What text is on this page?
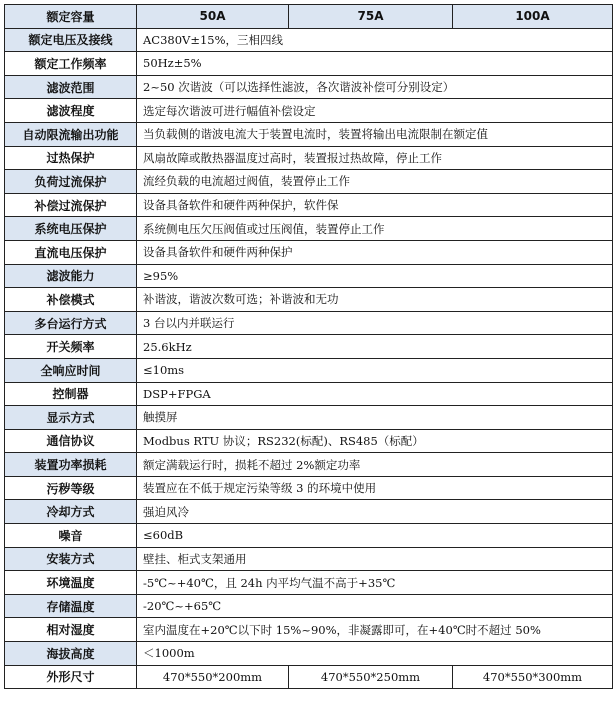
额定容量	50A	75A	100A
额定电压及接线	AC380V±15%，三相四线		
额定工作频率	50Hz±5%		
滤波范围	2~50 次谐波（可以选择性滤波，各次谐波补偿可分别设定）		
滤波程度	选定每次谐波可进行幅值补偿设定		
自动限流输出功能	当负载侧的谐波电流大于装置电流时，装置将输出电流限制在额定值		
过热保护	风扇故障或散热器温度过高时，装置报过热故障，停止工作		
负荷过流保护	流经负载的电流超过阀值，装置停止工作		
补偿过流保护	设备具备软件和硬件两种保护，软件保		
系统电压保护	系统侧电压欠压阀值或过压阀值，装置停止工作		
直流电压保护	设备具备软件和硬件两种保护		
滤波能力	≥95%		
补偿模式	补谐波，谐波次数可选；补谐波和无功		
多台运行方式	3 台以内并联运行		
开关频率	25.6kHz		
全响应时间	≤10ms		
控制器	DSP+FPGA		
显示方式	触摸屏		
通信协议	Modbus RTU 协议；RS232(标配)、RS485（标配）		
装置功率损耗	额定满载运行时，损耗不超过 2%额定功率		
污秽等级	装置应在不低于规定污染等级 3 的环境中使用		
冷却方式	强迫风冷		
噪音	≤60dB		
安装方式	壁挂、柜式支架通用		
环境温度	-5℃~+40℃，且 24h 内平均气温不高于+35℃		
存储温度	-20℃~+65℃		
相对湿度	室内温度在+20℃以下时 15%~90%，非凝露即可，在+40℃时不超过 50%		
海拔高度	＜1000m		
外形尺寸	470*550*200mm	470*550*250mm	470*550*300mm
